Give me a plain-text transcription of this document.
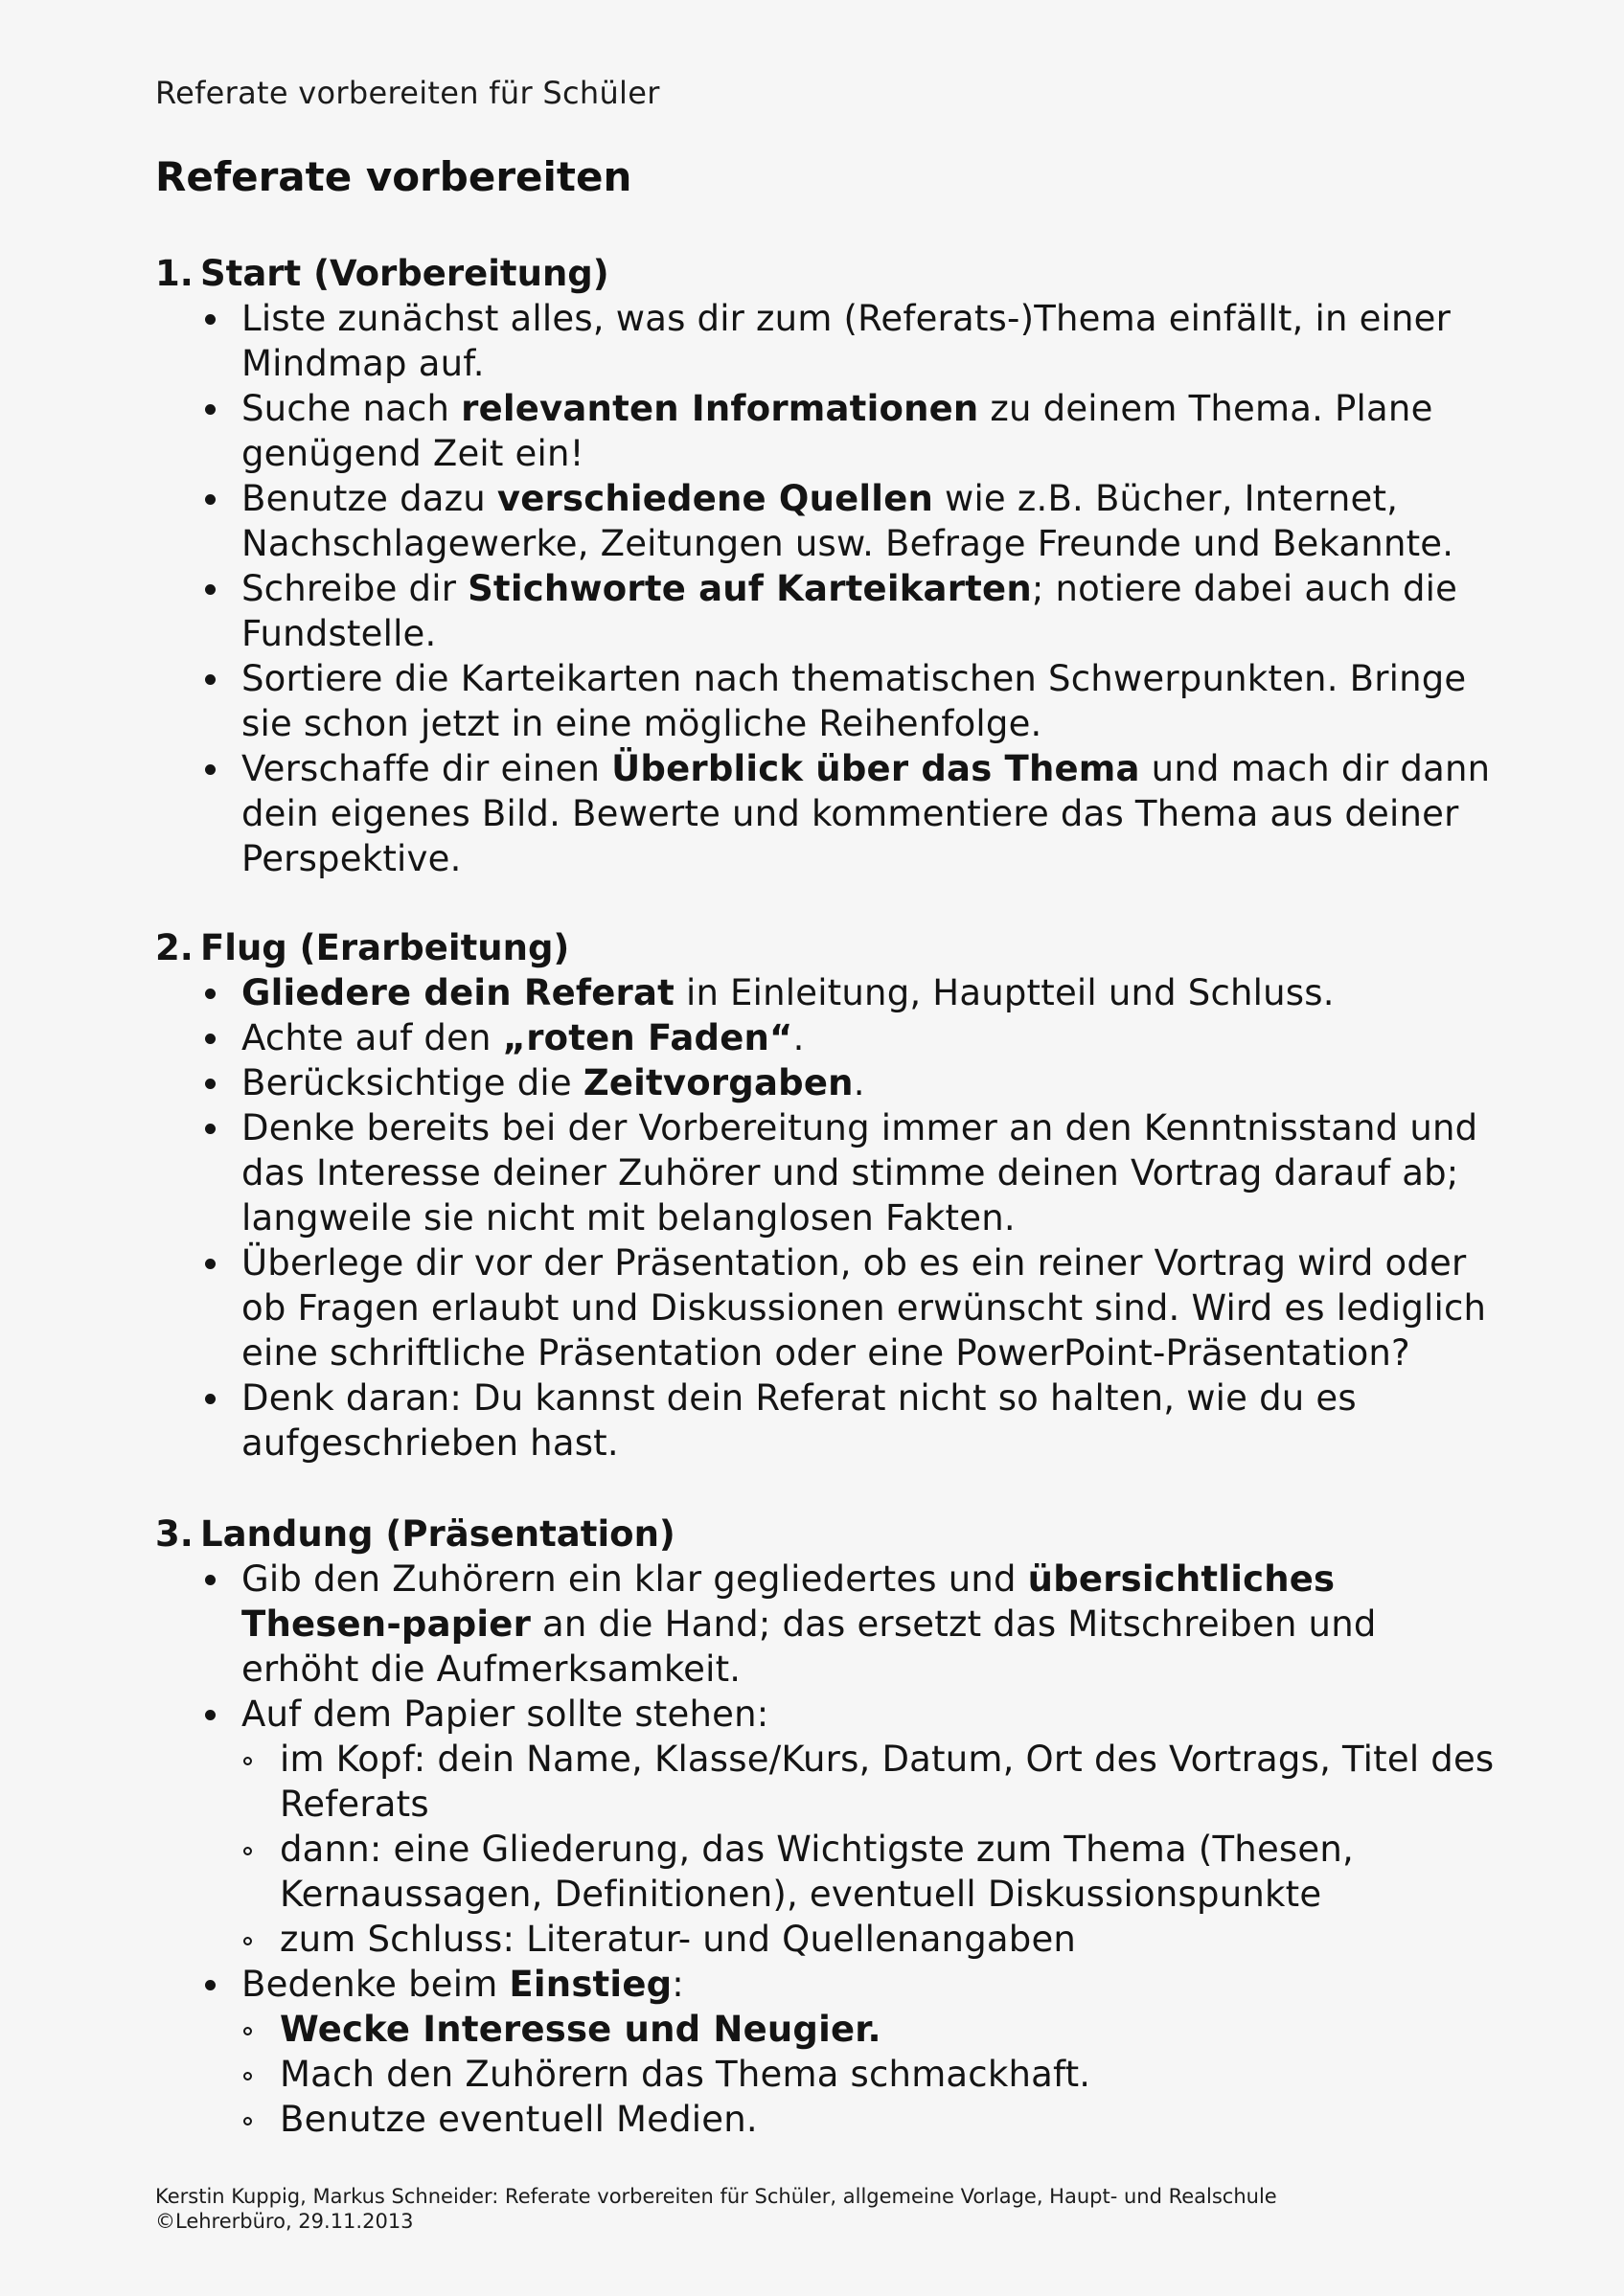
Referate vorbereiten für Schüler
Referate vorbereiten
1. Start (Vorbereitung)
Liste zunächst alles, was dir zum (Referats-)Thema einfällt, in einer Mindmap auf.
Suche nach relevanten Informationen zu deinem Thema. Plane genügend Zeit ein!
Benutze dazu verschiedene Quellen wie z.B. Bücher, Internet, Nachschlagewerke, Zeitungen usw. Befrage Freunde und Bekannte.
Schreibe dir Stichworte auf Karteikarten; notiere dabei auch die Fundstelle.
Sortiere die Karteikarten nach thematischen Schwerpunkten. Bringe sie schon jetzt in eine mögliche Reihenfolge.
Verschaffe dir einen Überblick über das Thema und mach dir dann dein eigenes Bild. Bewerte und kommentiere das Thema aus deiner Perspektive.
2. Flug (Erarbeitung)
Gliedere dein Referat in Einleitung, Hauptteil und Schluss.
Achte auf den „roten Faden“.
Berücksichtige die Zeitvorgaben.
Denke bereits bei der Vorbereitung immer an den Kenntnisstand und das Interesse deiner Zuhörer und stimme deinen Vortrag darauf ab; langweile sie nicht mit belanglosen Fakten.
Überlege dir vor der Präsentation, ob es ein reiner Vortrag wird oder ob Fragen erlaubt und Diskussionen erwünscht sind. Wird es lediglich eine schriftliche Präsentation oder eine PowerPoint-Präsentation?
Denk daran: Du kannst dein Referat nicht so halten, wie du es aufgeschrieben hast.
3. Landung (Präsentation)
Gib den Zuhörern ein klar gegliedertes und übersichtliches Thesen-papier an die Hand; das ersetzt das Mitschreiben und erhöht die Aufmerksamkeit.
Auf dem Papier sollte stehen:
im Kopf: dein Name, Klasse/Kurs, Datum, Ort des Vortrags, Titel des Referats
dann: eine Gliederung, das Wichtigste zum Thema (Thesen, Kernaussagen, Definitionen), eventuell Diskussionspunkte
zum Schluss: Literatur- und Quellenangaben
Bedenke beim Einstieg:
Wecke Interesse und Neugier.
Mach den Zuhörern das Thema schmackhaft.
Benutze eventuell Medien.
Kerstin Kuppig, Markus Schneider: Referate vorbereiten für Schüler, allgemeine Vorlage, Haupt- und Realschule
©Lehrerbüro, 29.11.2013
